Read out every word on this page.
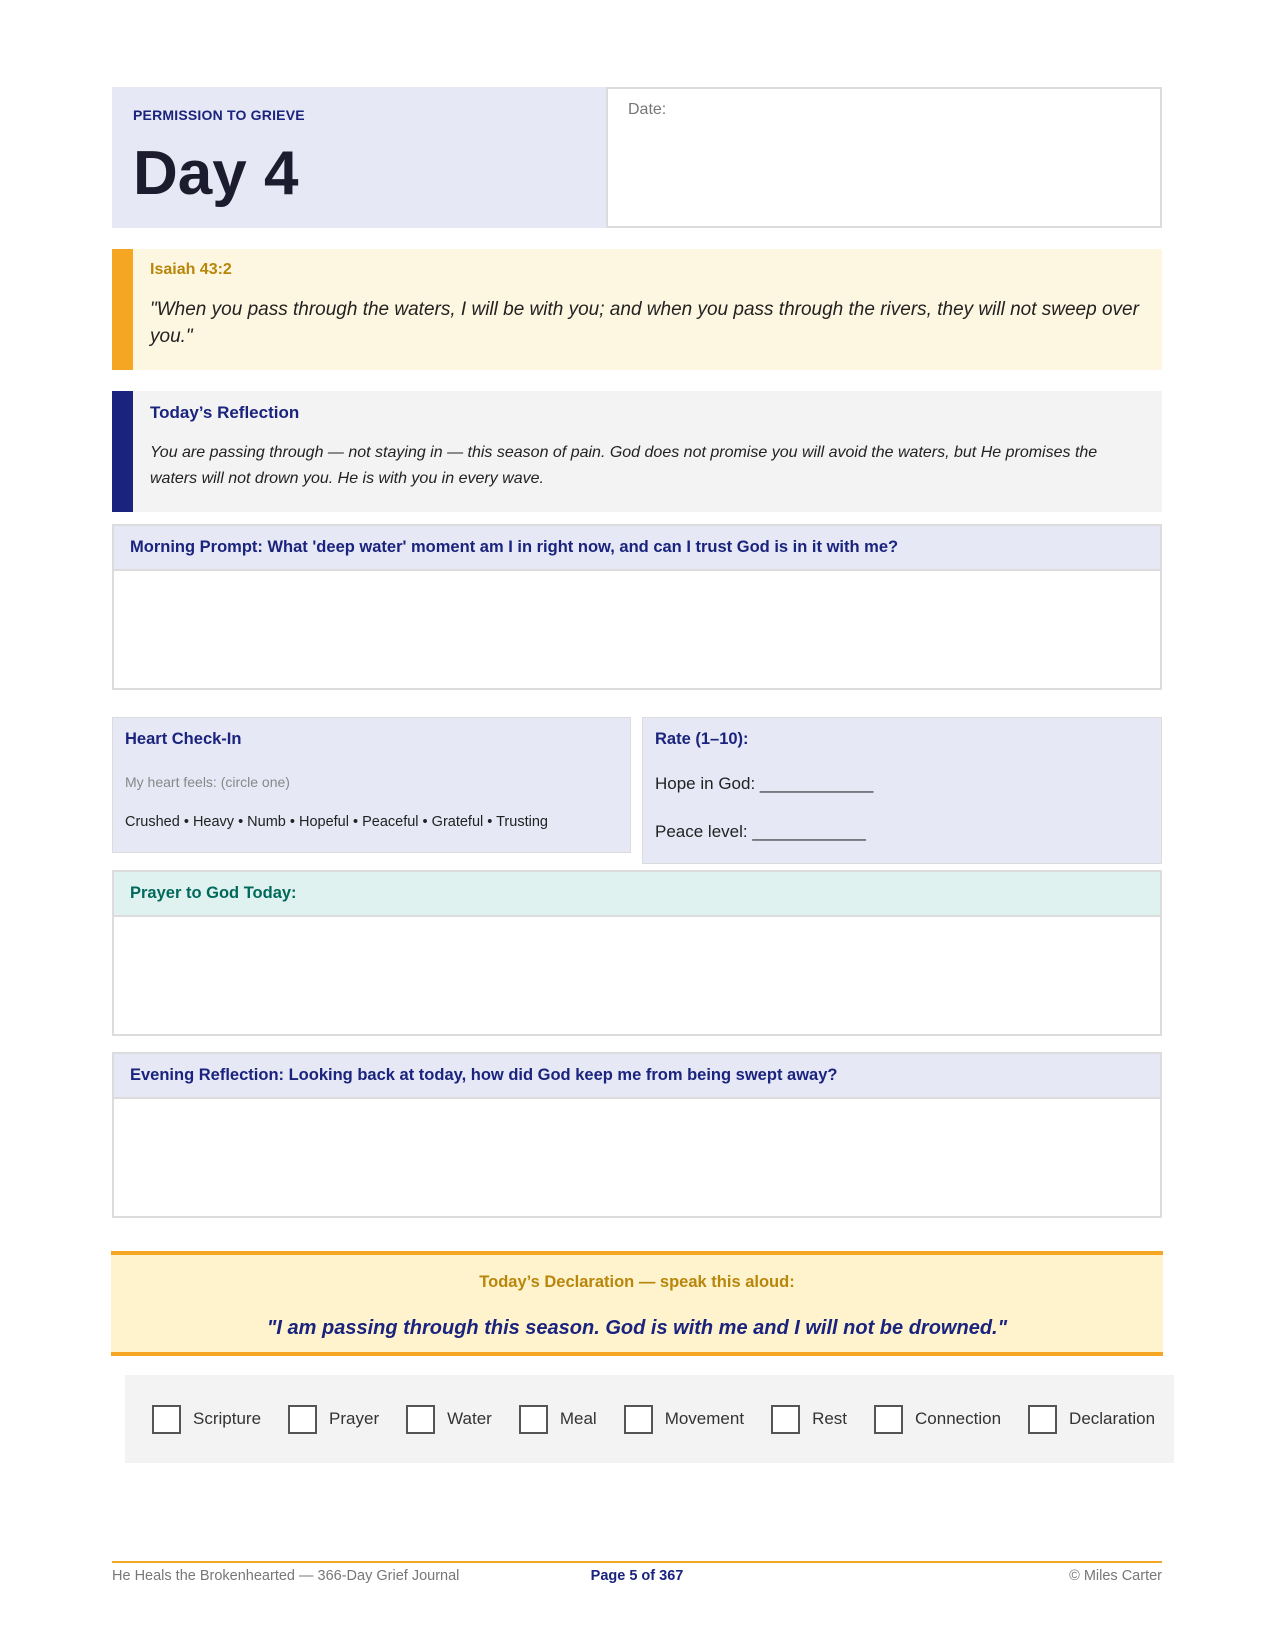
PERMISSION TO GRIEVE
Day 4
Date:
Isaiah 43:2
"When you pass through the waters, I will be with you; and when you pass through the rivers, they will not sweep over you."
Today’s Reflection
You are passing through — not staying in — this season of pain. God does not promise you will avoid the waters, but He promises the waters will not drown you. He is with you in every wave.
Morning Prompt: What 'deep water' moment am I in right now, and can I trust God is in it with me?
Heart Check-In
My heart feels: (circle one)
Crushed • Heavy • Numb • Hopeful • Peaceful • Grateful • Trusting
Rate (1–10):
Hope in God: ____________
Peace level: ____________
Prayer to God Today:
Evening Reflection: Looking back at today, how did God keep me from being swept away?
Today’s Declaration — speak this aloud:
"I am passing through this season. God is with me and I will not be drowned."
Scripture	Prayer	Water	Meal	Movement	Rest	Connection	Declaration
He Heals the Brokenhearted — 366-Day Grief Journal	Page 5 of 367	© Miles Carter
